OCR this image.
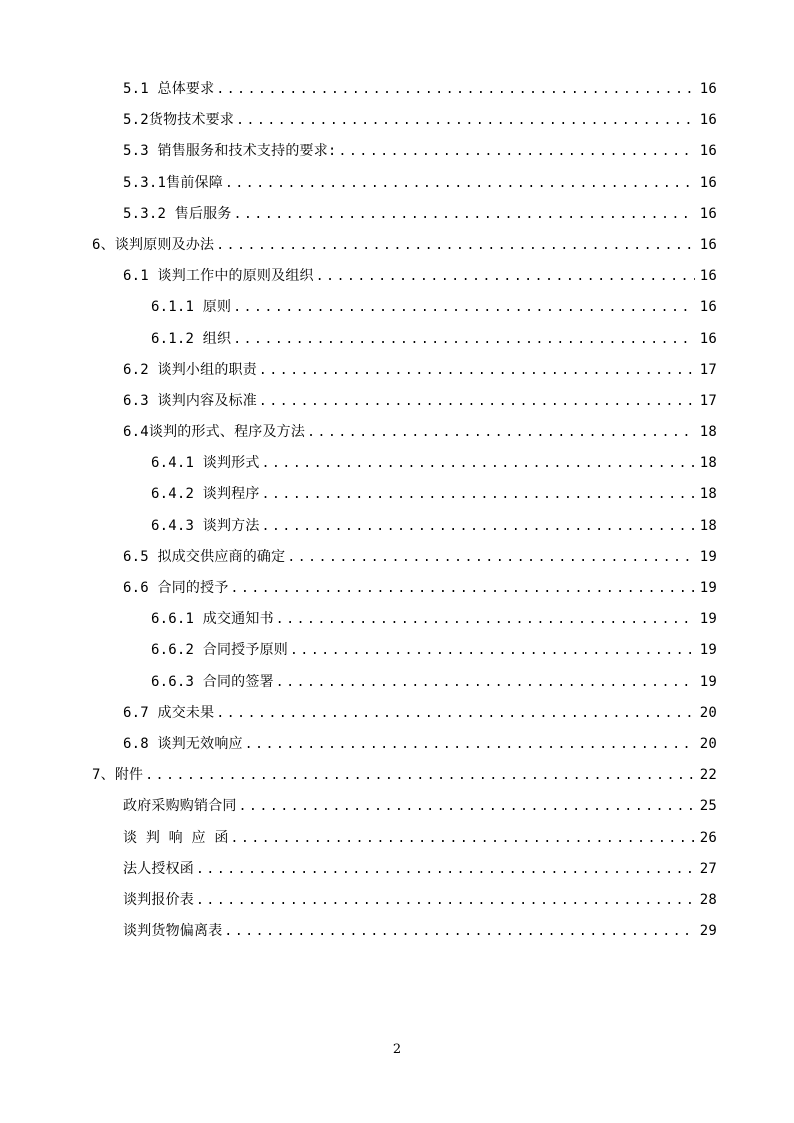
5.1 总体要求 .....	16
5.2货物技术要求 .....	16
5.3 销售服务和技术支持的要求: .....	16
5.3.1售前保障 .....	16
5.3.2 售后服务 .....	16
6、谈判原则及办法 .....	16
6.1 谈判工作中的原则及组织 .....	16
6.1.1 原则 .....	16
6.1.2 组织 .....	16
6.2 谈判小组的职责 .....	17
6.3 谈判内容及标准 .....	17
6.4谈判的形式、程序及方法 .....	18
6.4.1 谈判形式 .....	18
6.4.2 谈判程序 .....	18
6.4.3 谈判方法 .....	18
6.5 拟成交供应商的确定 .....	19
6.6 合同的授予 .....	19
6.6.1 成交通知书 .....	19
6.6.2 合同授予原则 .....	19
6.6.3 合同的签署 .....	19
6.7 成交未果 .....	20
6.8 谈判无效响应 .....	20
7、附件 .....	22
政府采购购销合同 .....	25
谈 判 响 应 函 .....	26
法人授权函 .....	27
谈判报价表 .....	28
谈判货物偏离表 .....	29
2
